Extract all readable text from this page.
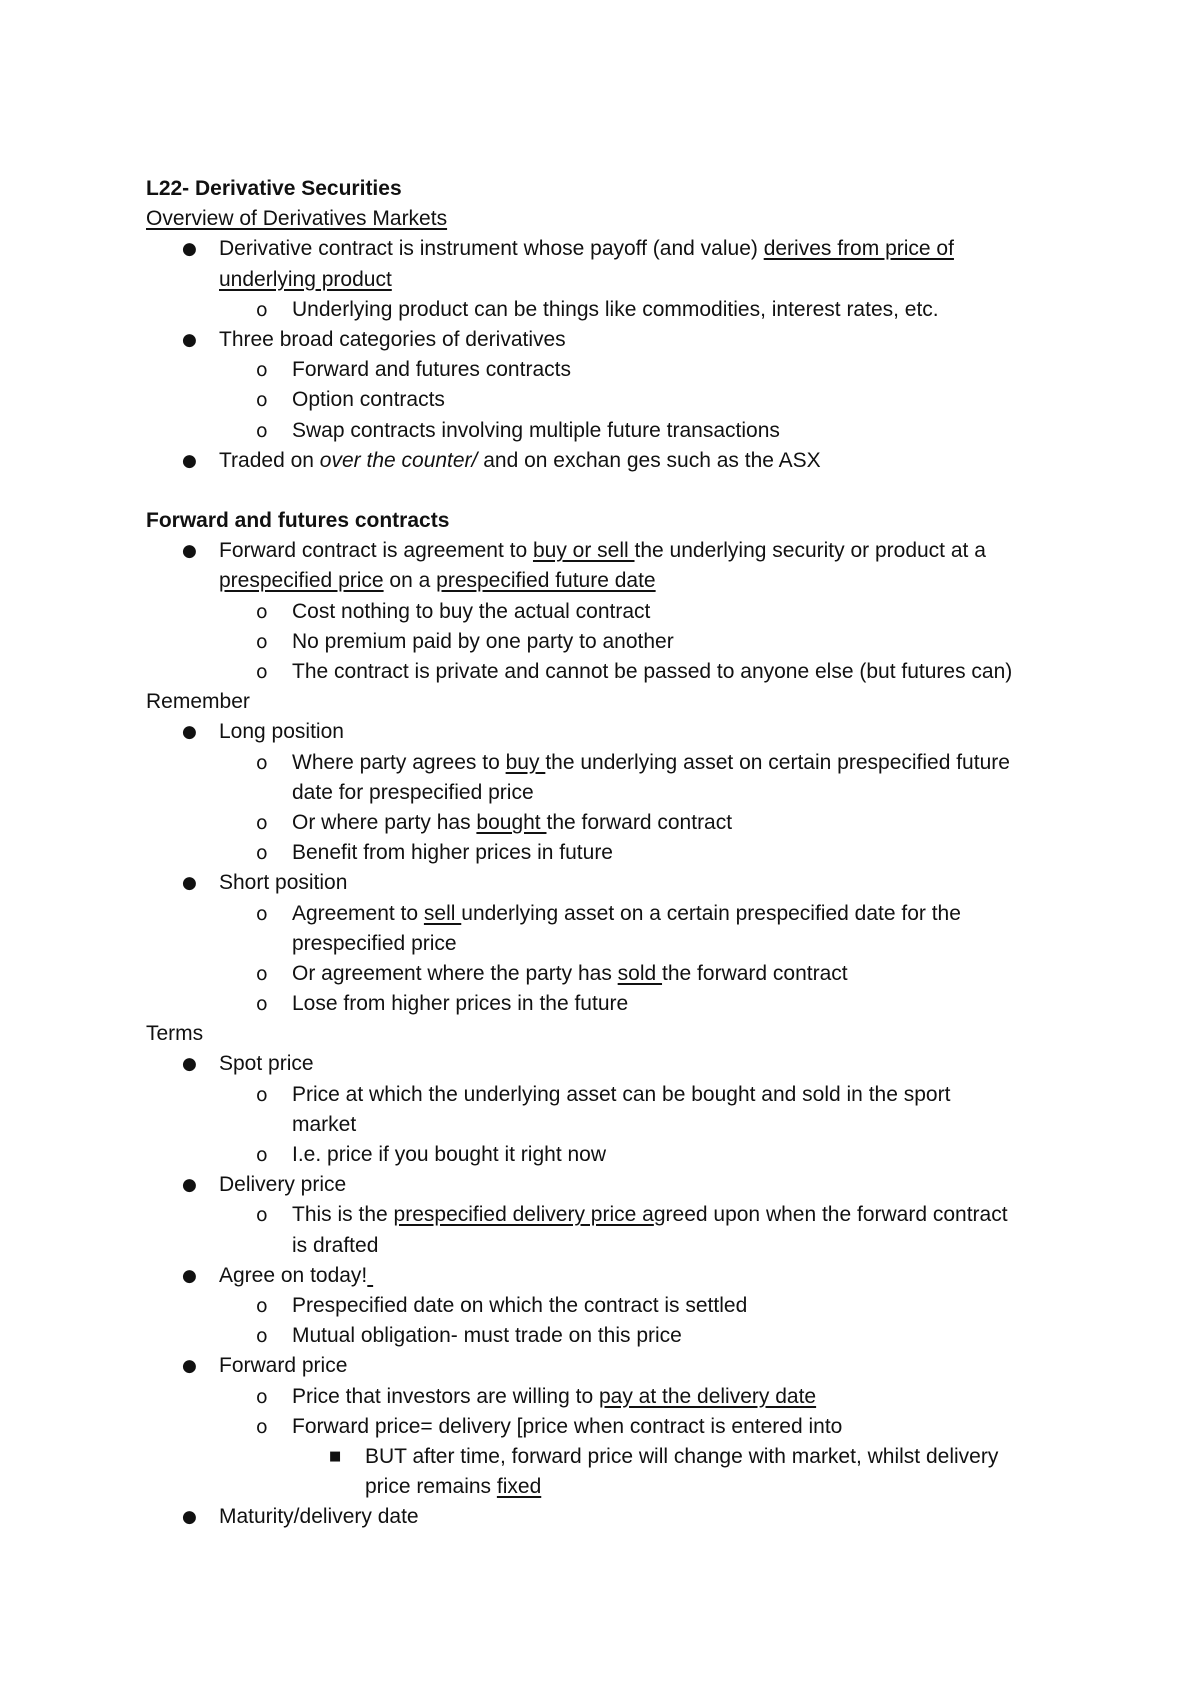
L22- Derivative Securities
Overview of Derivatives Markets
● Derivative contract is instrument whose payoff (and value) derives from price of
underlying product
o Underlying product can be things like commodities, interest rates, etc.
● Three broad categories of derivatives
o Forward and futures contracts
o Option contracts
o Swap contracts involving multiple future transactions
● Traded on over the counter/ and on exchan ges such as the ASX
Forward and futures contracts
● Forward contract is agreement to buy or sell the underlying security or product at a
prespecified price on a prespecified future date
o Cost nothing to buy the actual contract
o No premium paid by one party to another
o The contract is private and cannot be passed to anyone else (but futures can)
Remember
● Long position
o Where party agrees to buy the underlying asset on certain prespecified future
date for prespecified price
o Or where party has bought the forward contract
o Benefit from higher prices in future
● Short position
o Agreement to sell underlying asset on a certain prespecified date for the
prespecified price
o Or agreement where the party has sold the forward contract
o Lose from higher prices in the future
Terms
● Spot price
o Price at which the underlying asset can be bought and sold in the sport
market
o I.e. price if you bought it right now
● Delivery price
o This is the prespecified delivery price agreed upon when the forward contract
is drafted
● Agree on today!
o Prespecified date on which the contract is settled
o Mutual obligation- must trade on this price
● Forward price
o Price that investors are willing to pay at the delivery date
o Forward price= delivery [price when contract is entered into
■ BUT after time, forward price will change with market, whilst delivery
price remains fixed
● Maturity/delivery date
